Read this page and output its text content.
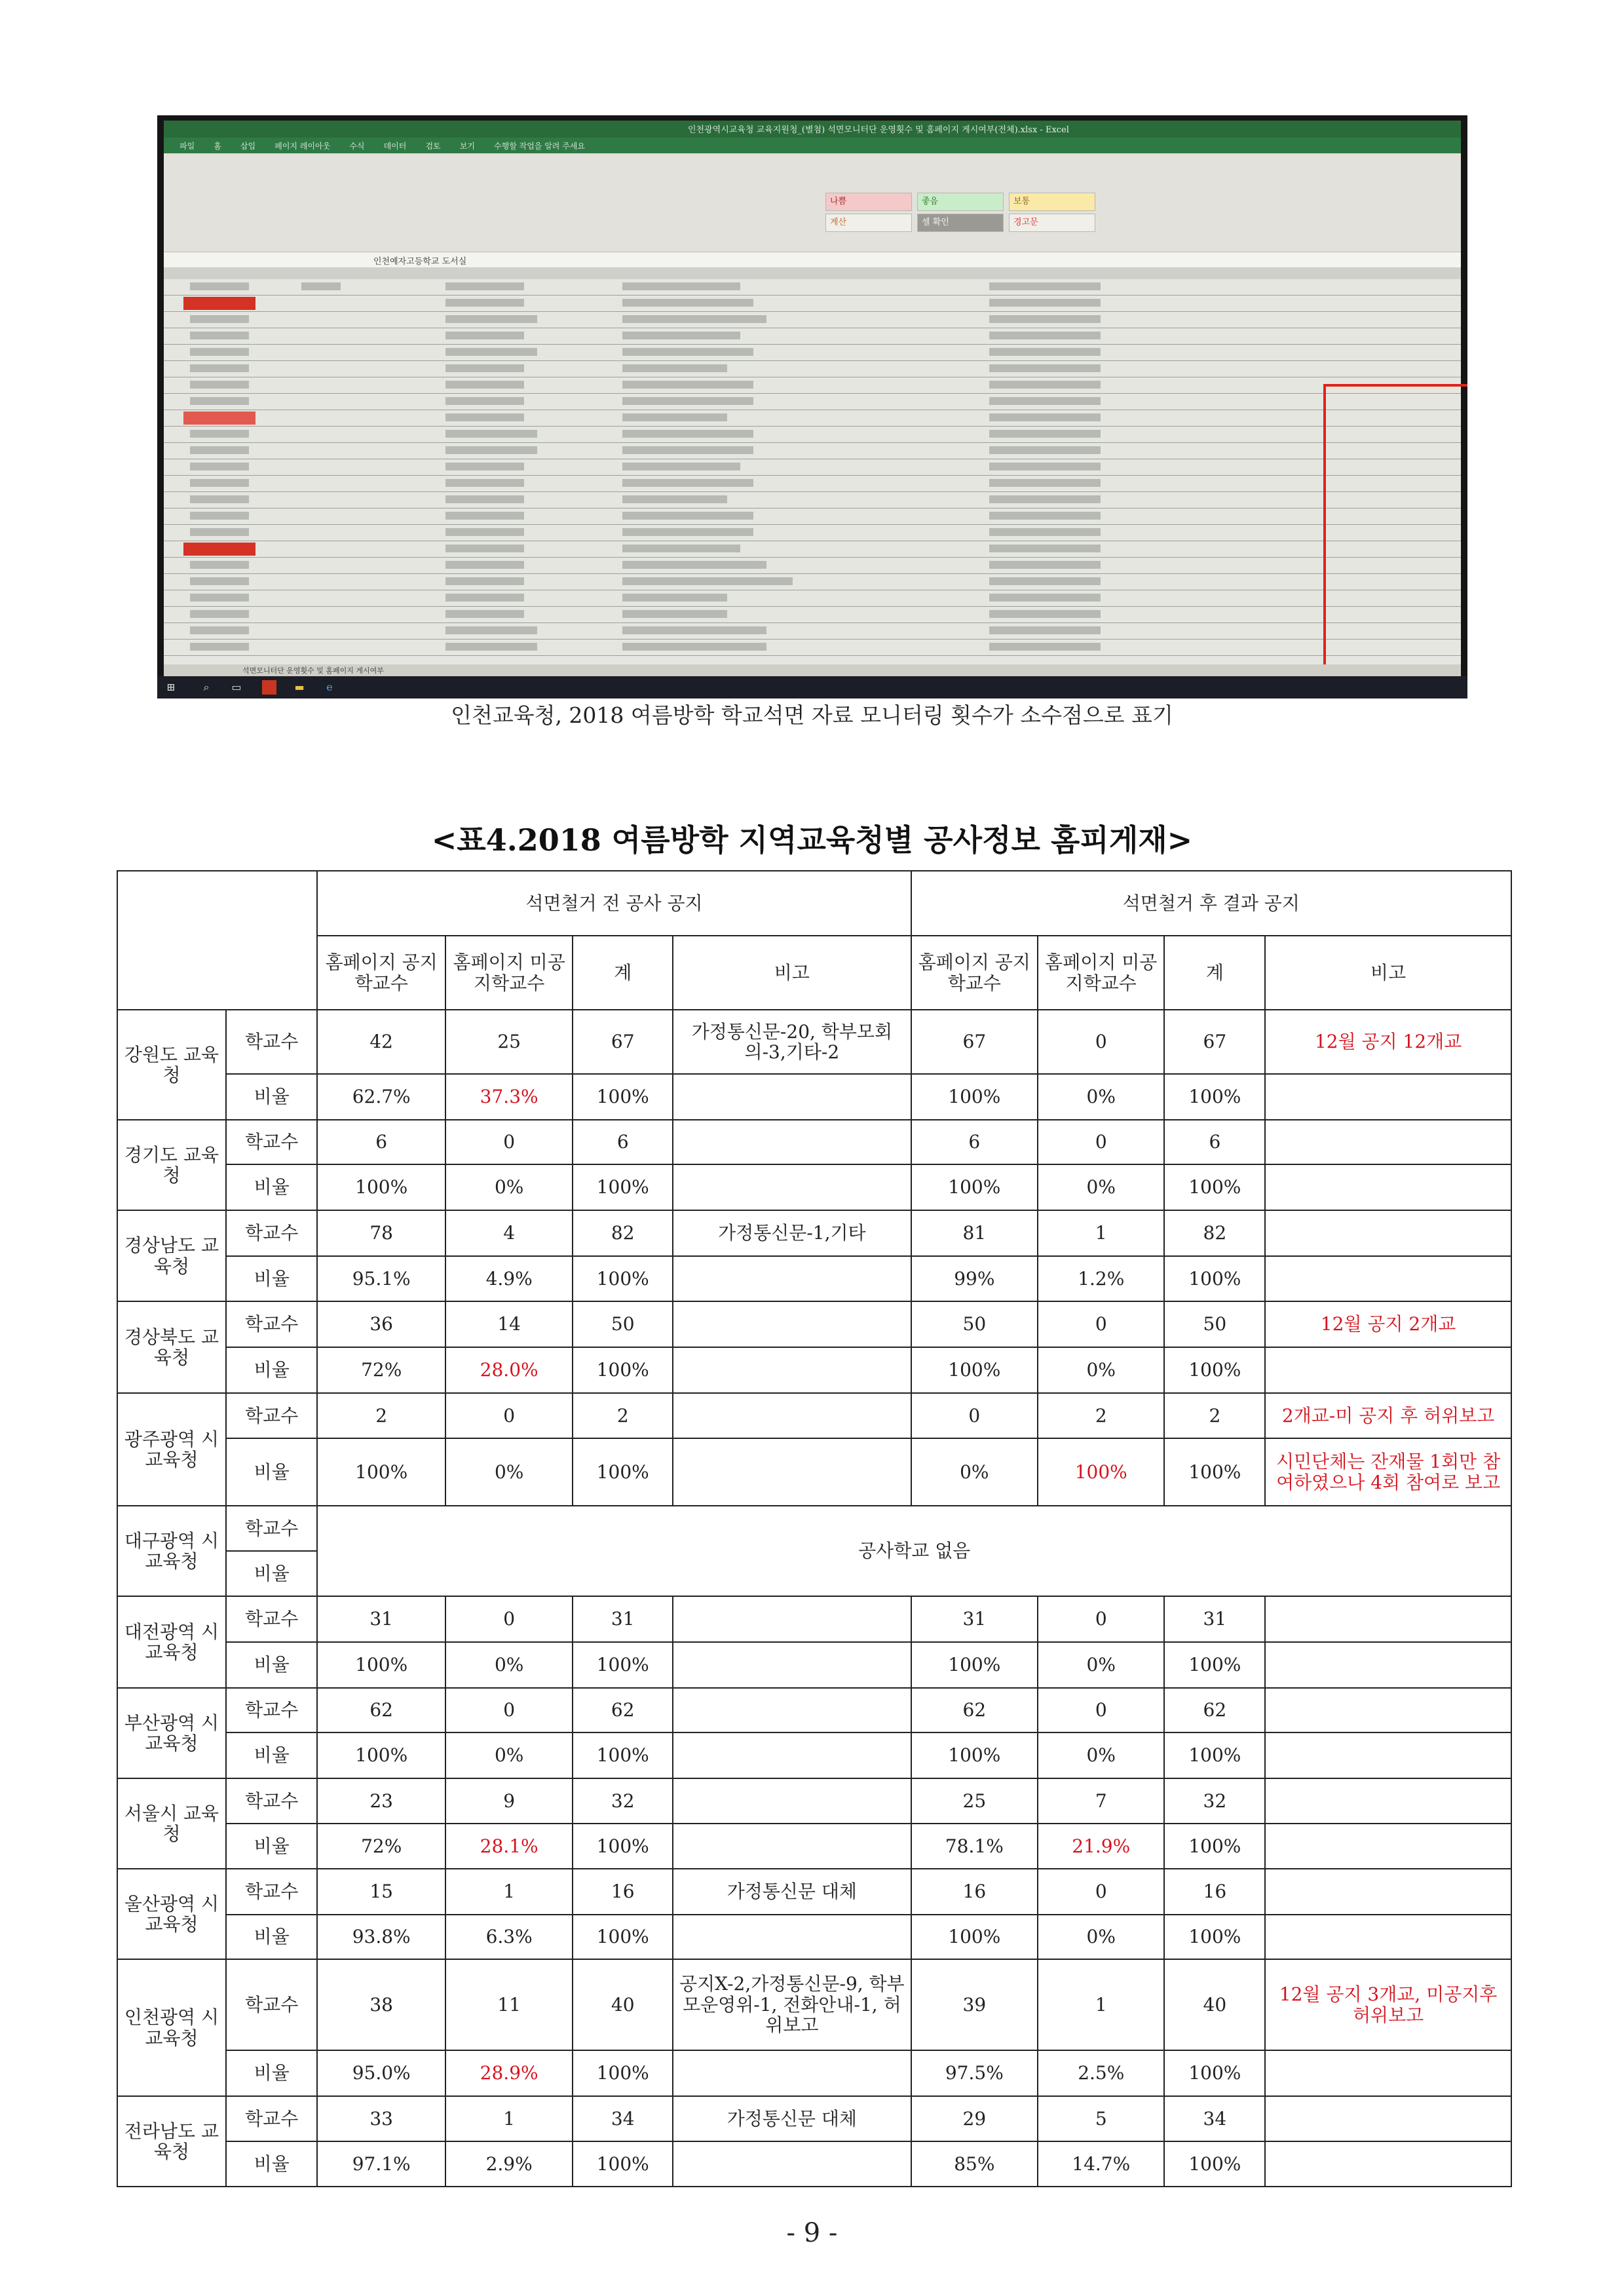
인천광역시교육청 교육지원청_(별첨) 석면모니터단 운영횟수 및 홈페이지 게시여부(전체).xlsx - Excel
파일 홈 삽입 페이지 레이아웃 수식 데이터 검토 보기 수행할 작업을 알려 주세요
나쁨	좋음	보통
계산	셀 확인	경고문
인천예자고등학교 도서실
석면모니터단 운영횟수 및 홈페이지 게시여부
⊞	⌕	▭	▬	e
인천교육청, 2018 여름방학 학교석면 자료 모니터링 횟수가 소수점으로 표기
<표4.2018 여름방학 지역교육청별 공사정보 홈피게재>
		석면철거 전 공사 공지				석면철거 후 결과 공지			
		홈페이지 공지학교수	홈페이지 미공지학교수	계	비고	홈페이지 공지학교수	홈페이지 미공지학교수	계	비고
강원도 교육청	학교수	42	25	67	가정통신문-20, 학부모회의-3,기타-2	67	0	67	12월 공지 12개교
	비율	62.7%	37.3%	100%		100%	0%	100%	
경기도 교육청	학교수	6	0	6		6	0	6	
	비율	100%	0%	100%		100%	0%	100%	
경상남도 교육청	학교수	78	4	82	가정통신문-1,기타	81	1	82	
	비율	95.1%	4.9%	100%		99%	1.2%	100%	
경상북도 교육청	학교수	36	14	50		50	0	50	12월 공지 2개교
	비율	72%	28.0%	100%		100%	0%	100%	
광주광역 시교육청	학교수	2	0	2		0	2	2	2개교-미 공지 후 허위보고
	비율	100%	0%	100%		0%	100%	100%	시민단체는 잔재물 1회만 참여하였으나 4회 참여로 보고
대구광역 시교육청	학교수	공사학교 없음							
	비율								
대전광역 시교육청	학교수	31	0	31		31	0	31	
	비율	100%	0%	100%		100%	0%	100%	
부산광역 시교육청	학교수	62	0	62		62	0	62	
	비율	100%	0%	100%		100%	0%	100%	
서울시 교육청	학교수	23	9	32		25	7	32	
	비율	72%	28.1%	100%		78.1%	21.9%	100%	
울산광역 시교육청	학교수	15	1	16	가정통신문 대체	16	0	16	
	비율	93.8%	6.3%	100%		100%	0%	100%	
인천광역 시교육청	학교수	38	11	40	공지X-2,가정통신문-9, 학부모운영위-1, 전화안내-1, 허위보고	39	1	40	12월 공지 3개교, 미공지후 허위보고
	비율	95.0%	28.9%	100%		97.5%	2.5%	100%	
전라남도 교육청	학교수	33	1	34	가정통신문 대체	29	5	34	
	비율	97.1%	2.9%	100%		85%	14.7%	100%	
- 9 -
